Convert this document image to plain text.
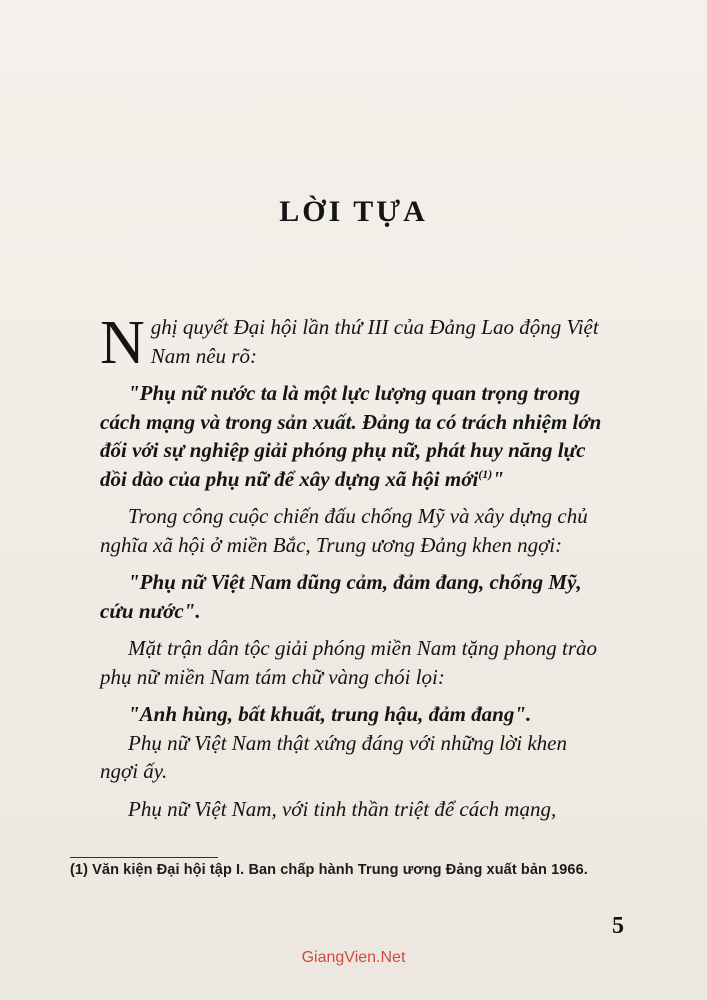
LỜI TỰA

Nghị quyết Đại hội lần thứ III của Đảng Lao động Việt Nam nêu rõ:

"Phụ nữ nước ta là một lực lượng quan trọng trong cách mạng và trong sản xuất. Đảng ta có trách nhiệm lớn đối với sự nghiệp giải phóng phụ nữ, phát huy năng lực dồi dào của phụ nữ để xây dựng xã hội mới$^{(1)}$"

Trong công cuộc chiến đấu chống Mỹ và xây dựng chủ nghĩa xã hội ở miền Bắc, Trung ương Đảng khen ngợi:

"Phụ nữ Việt Nam dũng cảm, đảm đang, chống Mỹ, cứu nước".

Mặt trận dân tộc giải phóng miền Nam tặng phong trào phụ nữ miền Nam tám chữ vàng chói lọi:

"Anh hùng, bất khuất, trung hậu, đảm đang".

Phụ nữ Việt Nam thật xứng đáng với những lời khen ngợi ấy.

Phụ nữ Việt Nam, với tinh thần triệt để cách mạng,

(1) Văn kiện Đại hội tập I. Ban chấp hành Trung ương Đảng xuất bản 1966.
5
GiangVien.Net
